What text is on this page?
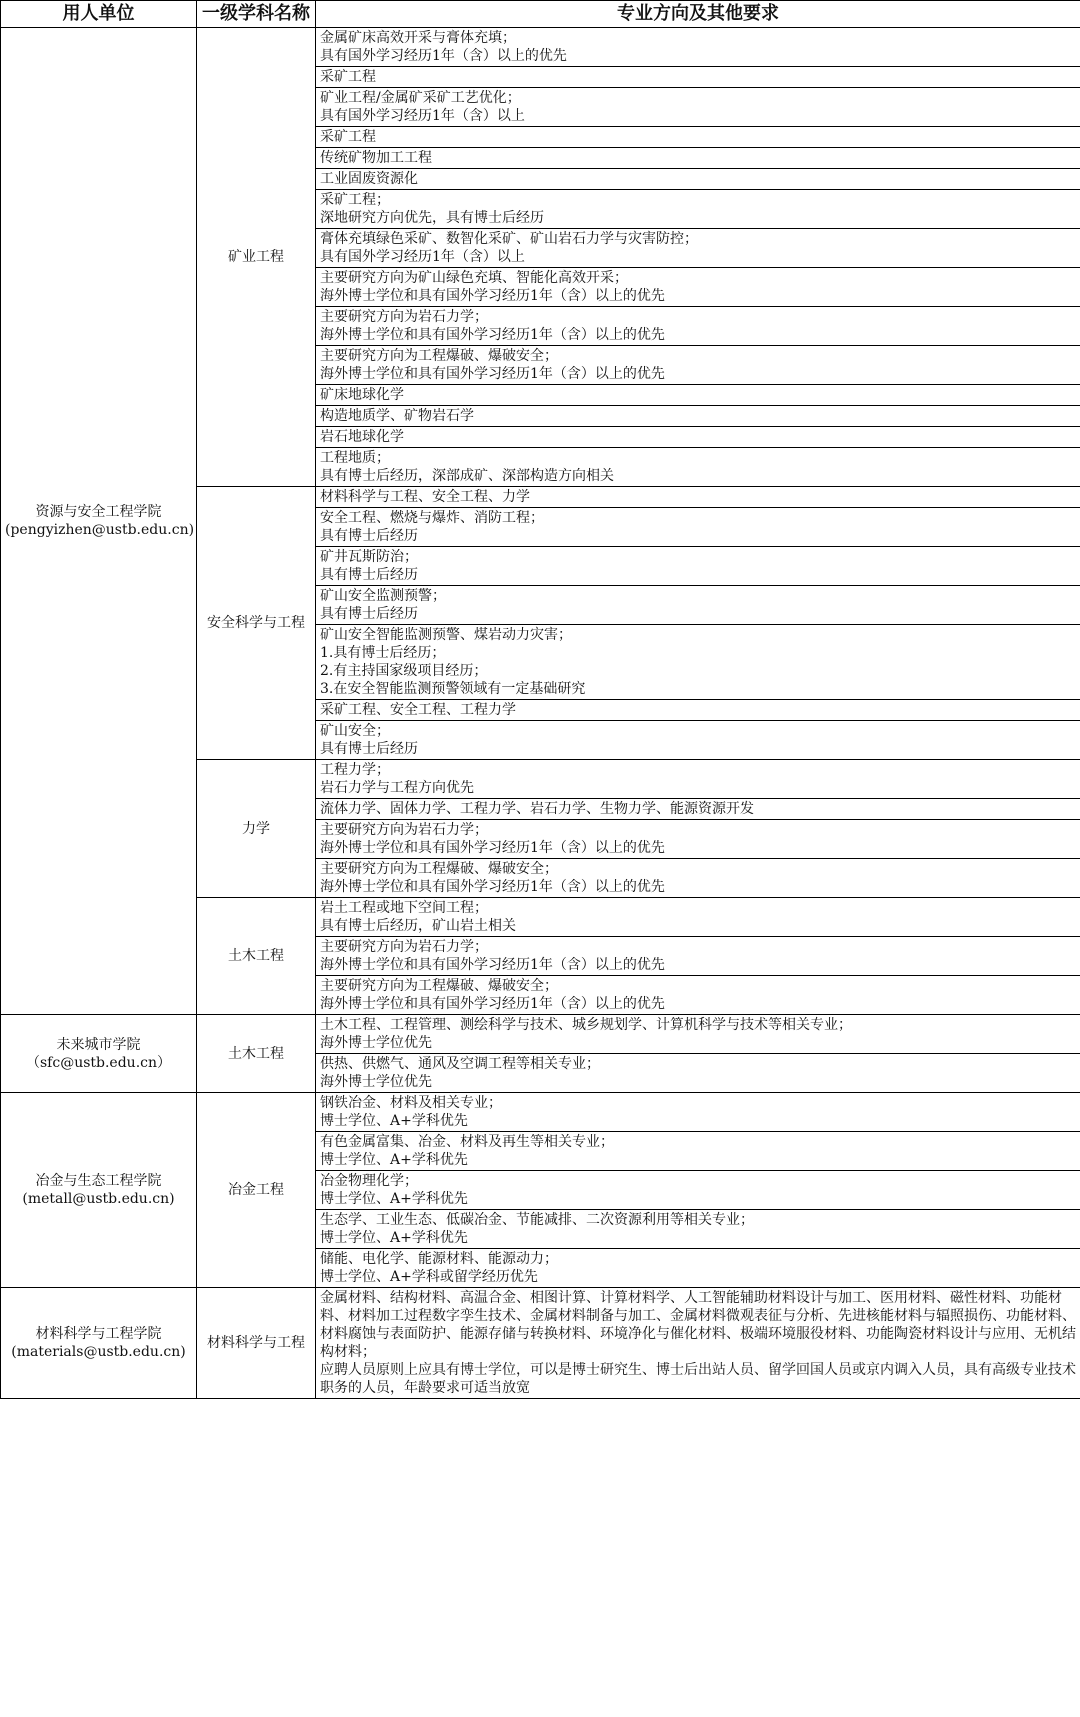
用人单位	一级学科名称	专业方向及其他要求

资源与安全工程学院
(pengyizhen@ustb.edu.cn)	矿业工程	金属矿床高效开采与膏体充填；
具有国外学习经历1年（含）以上的优先

		采矿工程

		矿业工程/金属矿采矿工艺优化；
具有国外学习经历1年（含）以上

		采矿工程

		传统矿物加工工程

		工业固废资源化

		采矿工程；
深地研究方向优先，具有博士后经历

		膏体充填绿色采矿、数智化采矿、矿山岩石力学与灾害防控；
具有国外学习经历1年（含）以上

		主要研究方向为矿山绿色充填、智能化高效开采；
海外博士学位和具有国外学习经历1年（含）以上的优先

		主要研究方向为岩石力学；
海外博士学位和具有国外学习经历1年（含）以上的优先

		主要研究方向为工程爆破、爆破安全；
海外博士学位和具有国外学习经历1年（含）以上的优先

		矿床地球化学

		构造地质学、矿物岩石学

		岩石地球化学

		工程地质；
具有博士后经历，深部成矿、深部构造方向相关

	安全科学与工程	材料科学与工程、安全工程、力学

		安全工程、燃烧与爆炸、消防工程；
具有博士后经历

		矿井瓦斯防治；
具有博士后经历

		矿山安全监测预警；
具有博士后经历

		矿山安全智能监测预警、煤岩动力灾害；
1.具有博士后经历；
2.有主持国家级项目经历；
3.在安全智能监测预警领域有一定基础研究

		采矿工程、安全工程、工程力学

		矿山安全；
具有博士后经历

	力学	工程力学；
岩石力学与工程方向优先

		流体力学、固体力学、工程力学、岩石力学、生物力学、能源资源开发

		主要研究方向为岩石力学；
海外博士学位和具有国外学习经历1年（含）以上的优先

		主要研究方向为工程爆破、爆破安全；
海外博士学位和具有国外学习经历1年（含）以上的优先

	土木工程	岩土工程或地下空间工程；
具有博士后经历，矿山岩土相关

		主要研究方向为岩石力学；
海外博士学位和具有国外学习经历1年（含）以上的优先

		主要研究方向为工程爆破、爆破安全；
海外博士学位和具有国外学习经历1年（含）以上的优先

未来城市学院
（sfc@ustb.edu.cn）	土木工程	土木工程、工程管理、测绘科学与技术、城乡规划学、计算机科学与技术等相关专业；
海外博士学位优先

		供热、供燃气、通风及空调工程等相关专业；
海外博士学位优先

冶金与生态工程学院
(metall@ustb.edu.cn)	冶金工程	钢铁冶金、材料及相关专业；
博士学位、A+学科优先

		有色金属富集、冶金、材料及再生等相关专业；
博士学位、A+学科优先

		冶金物理化学；
博士学位、A+学科优先

		生态学、工业生态、低碳冶金、节能减排、二次资源利用等相关专业；
博士学位、A+学科优先

		储能、电化学、能源材料、能源动力；
博士学位、A+学科或留学经历优先

材料科学与工程学院
(materials@ustb.edu.cn)	材料科学与工程	金属材料、结构材料、高温合金、相图计算、计算材料学、人工智能辅助材料设计与加工、医用材料、磁性材料、功能材料、材料加工过程数字孪生技术、金属材料制备与加工、金属材料微观表征与分析、先进核能材料与辐照损伤、功能材料、材料腐蚀与表面防护、能源存储与转换材料、环境净化与催化材料、极端环境服役材料、功能陶瓷材料设计与应用、无机结构材料；
应聘人员原则上应具有博士学位，可以是博士研究生、博士后出站人员、留学回国人员或京内调入人员，具有高级专业技术职务的人员，年龄要求可适当放宽
